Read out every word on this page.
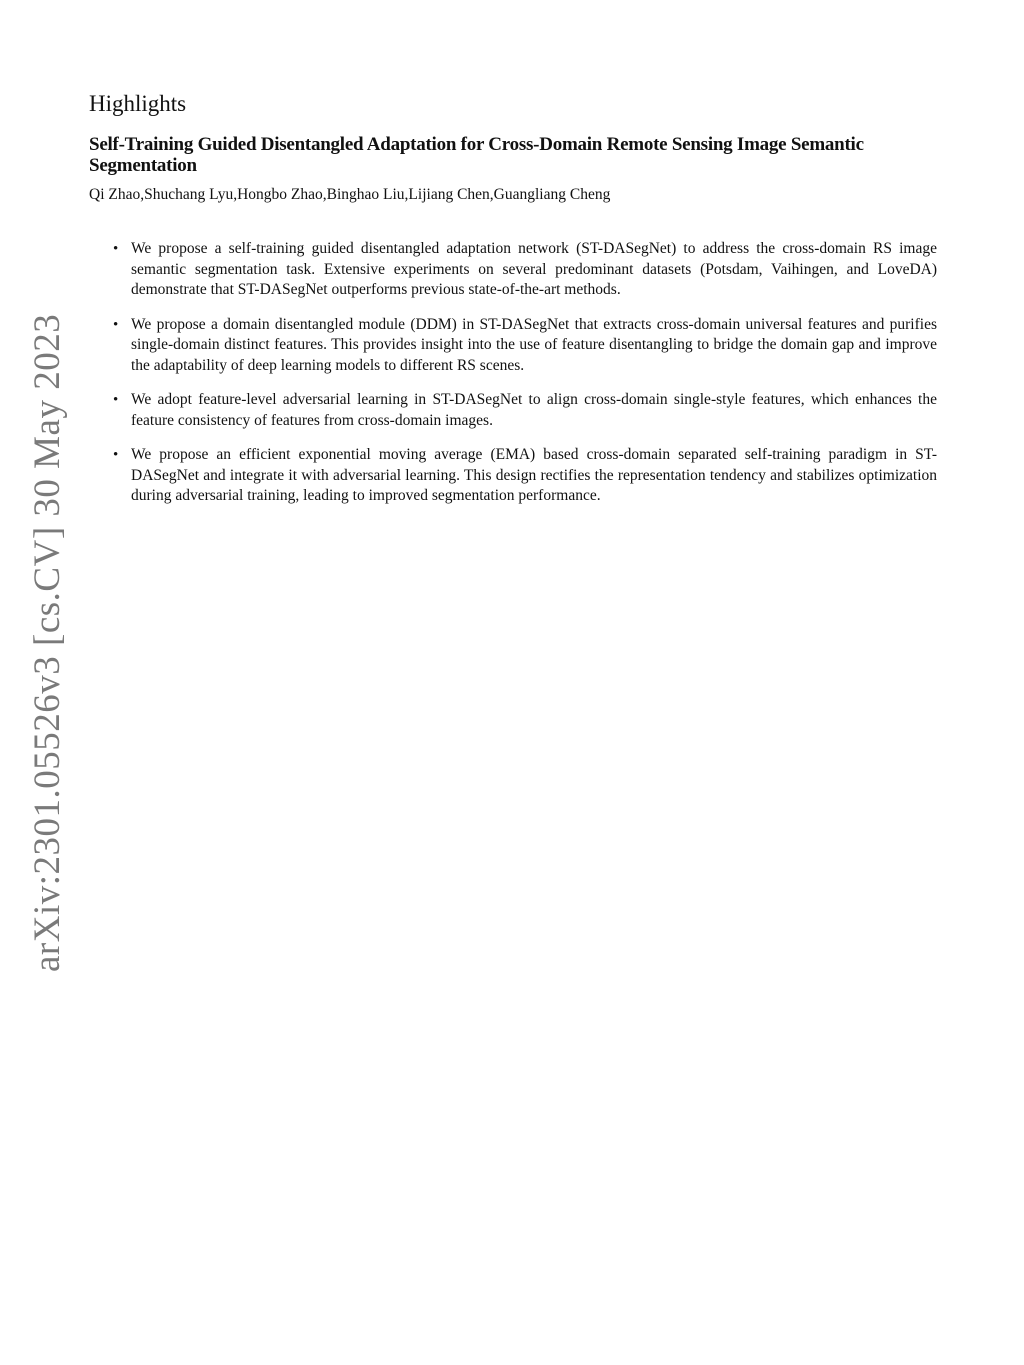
arXiv:2301.05526v3 [cs.CV] 30 May 2023
Highlights
Self-Training Guided Disentangled Adaptation for Cross-Domain Remote Sensing Image Semantic Segmentation
Qi Zhao,Shuchang Lyu,Hongbo Zhao,Binghao Liu,Lijiang Chen,Guangliang Cheng
• We propose a self-training guided disentangled adaptation network (ST-DASegNet) to address the cross-domain RS image semantic segmentation task. Extensive experiments on several predominant datasets (Potsdam, Vaihingen, and LoveDA) demonstrate that ST-DASegNet outperforms previous state-of-the-art methods.
• We propose a domain disentangled module (DDM) in ST-DASegNet that extracts cross-domain universal features and purifies single-domain distinct features. This provides insight into the use of feature disentangling to bridge the domain gap and improve the adaptability of deep learning models to different RS scenes.
• We adopt feature-level adversarial learning in ST-DASegNet to align cross-domain single-style features, which enhances the feature consistency of features from cross-domain images.
• We propose an efficient exponential moving average (EMA) based cross-domain separated self-training paradigm in ST-DASegNet and integrate it with adversarial learning. This design rectifies the representation tendency and stabilizes optimization during adversarial training, leading to improved segmentation performance.
